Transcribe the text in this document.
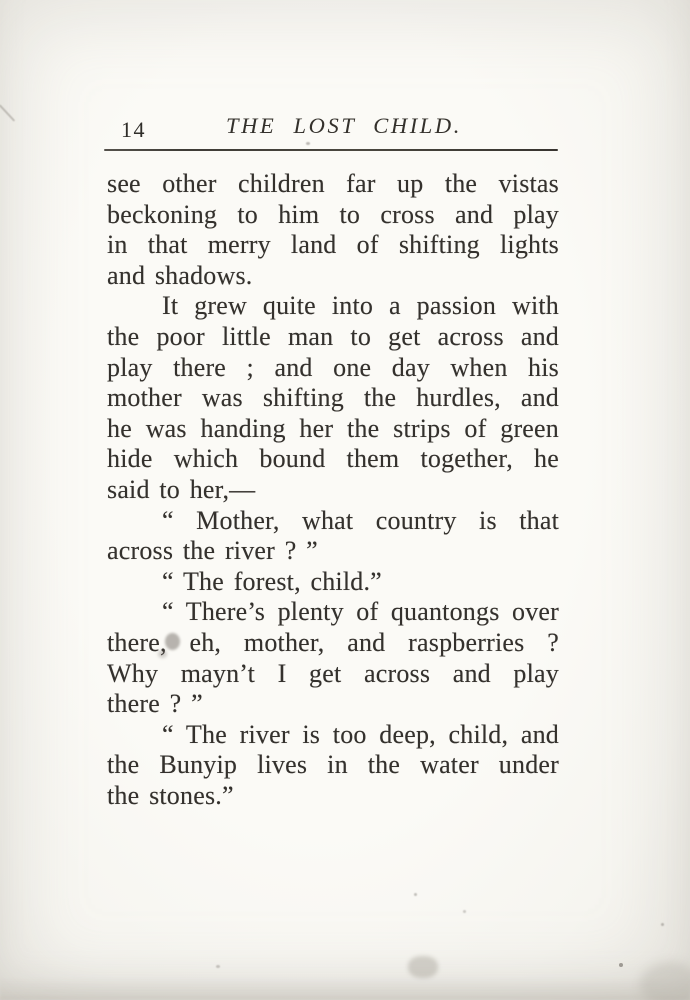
14	THE LOST CHILD.
see other children far up the vistas
beckoning to him to cross and play
in that merry land of shifting lights
and shadows.
It grew quite into a passion with
the poor little man to get across and
play there ; and one day when his
mother was shifting the hurdles, and
he was handing her the strips of green
hide which bound them together, he
said to her,—
“ Mother, what country is that
across the river ? ”
“ The forest, child.”
“ There’s plenty of quantongs over
there, eh, mother, and raspberries ?
Why mayn’t I get across and play
there ? ”
“ The river is too deep, child, and
the Bunyip lives in the water under
the stones.”
